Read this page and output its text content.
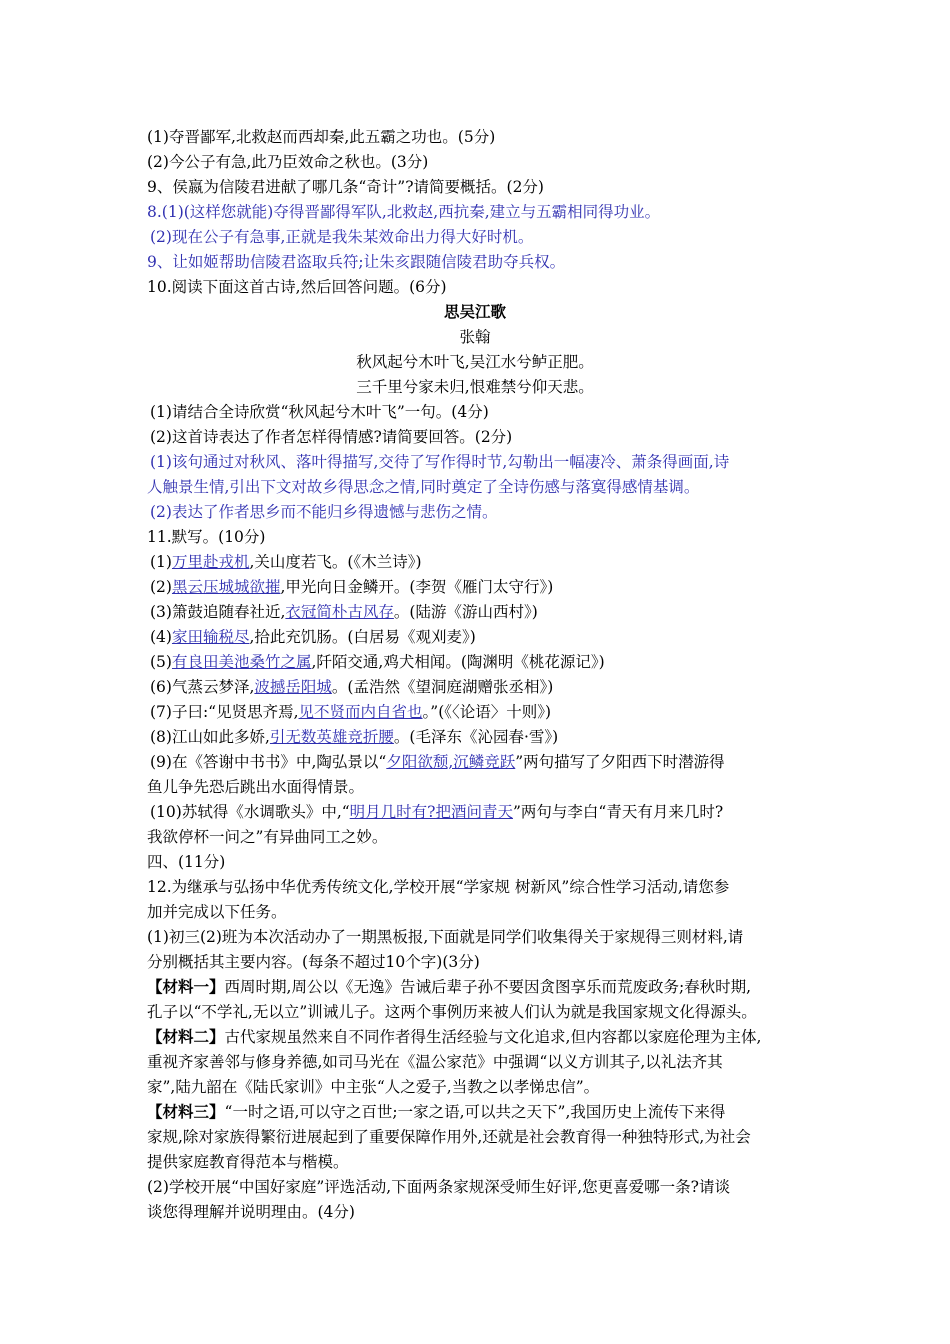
(1)夺晋鄙军,北救赵而西却秦,此五霸之功也。(5分)
(2)今公子有急,此乃臣效命之秋也。(3分)
9、侯嬴为信陵君进献了哪几条“奇计”?请简要概括。(2分)
8.(1)(这样您就能)夺得晋鄙得军队,北救赵,西抗秦,建立与五霸相同得功业。
(2)现在公子有急事,正就是我朱某效命出力得大好时机。
9、让如姬帮助信陵君盗取兵符;让朱亥跟随信陵君助夺兵权。
10.阅读下面这首古诗,然后回答问题。(6分)
思吴江歌
张翰
秋风起兮木叶飞,吴江水兮鲈正肥。
三千里兮家未归,恨难禁兮仰天悲。
(1)请结合全诗欣赏“秋风起兮木叶飞”一句。(4分)
(2)这首诗表达了作者怎样得情感?请简要回答。(2分)
(1)该句通过对秋风、落叶得描写,交待了写作得时节,勾勒出一幅凄冷、萧条得画面,诗
人触景生情,引出下文对故乡得思念之情,同时奠定了全诗伤感与落寞得感情基调。
(2)表达了作者思乡而不能归乡得遗憾与悲伤之情。
11.默写。(10分)
(1)万里赴戎机,关山度若飞。(《木兰诗》)
(2)黑云压城城欲摧,甲光向日金鳞开。(李贺《雁门太守行》)
(3)箫鼓追随春社近,衣冠简朴古风存。(陆游《游山西村》)
(4)家田输税尽,拾此充饥肠。(白居易《观刈麦》)
(5)有良田美池桑竹之属,阡陌交通,鸡犬相闻。(陶渊明《桃花源记》)
(6)气蒸云梦泽,波撼岳阳城。(孟浩然《望洞庭湖赠张丞相》)
(7)子曰:“见贤思齐焉,见不贤而内自省也。”(《〈论语〉十则》)
(8)江山如此多娇,引无数英雄竞折腰。(毛泽东《沁园春·雪》)
(9)在《答谢中书书》中,陶弘景以“夕阳欲颓,沉鳞竞跃”两句描写了夕阳西下时潜游得
鱼儿争先恐后跳出水面得情景。
(10)苏轼得《水调歌头》中,“明月几时有?把酒问青天”两句与李白“青天有月来几时?
我欲停杯一问之”有异曲同工之妙。
四、(11分)
12.为继承与弘扬中华优秀传统文化,学校开展“学家规 树新风”综合性学习活动,请您参
加并完成以下任务。
(1)初三(2)班为本次活动办了一期黑板报,下面就是同学们收集得关于家规得三则材料,请
分别概括其主要内容。(每条不超过10个字)(3分)
【材料一】西周时期,周公以《无逸》告诫后辈子孙不要因贪图享乐而荒废政务;春秋时期,
孔子以“不学礼,无以立”训诫儿子。这两个事例历来被人们认为就是我国家规文化得源头。
【材料二】古代家规虽然来自不同作者得生活经验与文化追求,但内容都以家庭伦理为主体,
重视齐家善邻与修身养德,如司马光在《温公家范》中强调“以义方训其子,以礼法齐其
家”,陆九韶在《陆氏家训》中主张“人之爱子,当教之以孝悌忠信”。
【材料三】“一时之语,可以守之百世;一家之语,可以共之天下”,我国历史上流传下来得
家规,除对家族得繁衍进展起到了重要保障作用外,还就是社会教育得一种独特形式,为社会
提供家庭教育得范本与楷模。
(2)学校开展“中国好家庭”评选活动,下面两条家规深受师生好评,您更喜爱哪一条?请谈
谈您得理解并说明理由。(4分)
